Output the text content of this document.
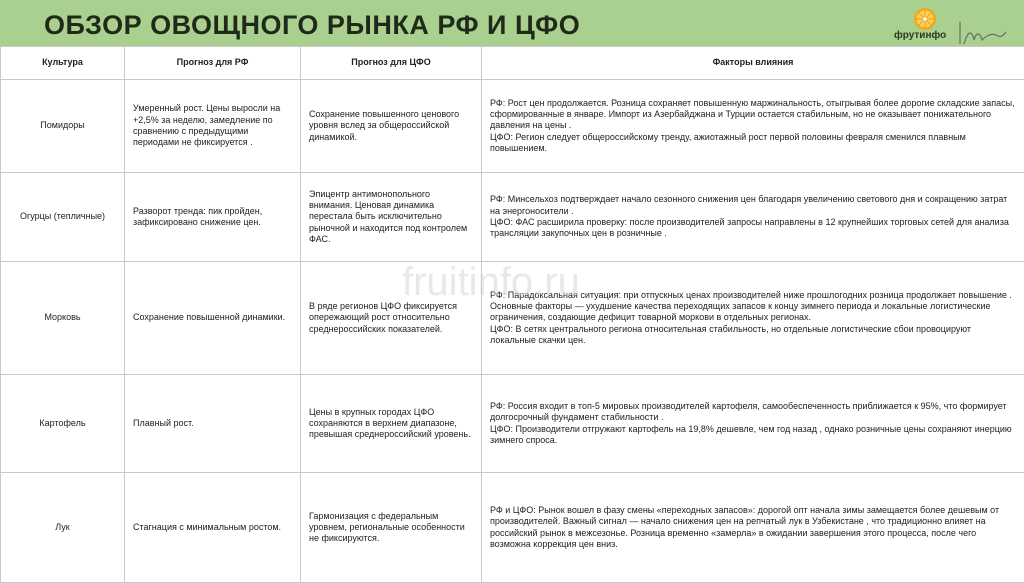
ОБЗОР ОВОЩНОГО РЫНКА РФ И ЦФО	фрутинфо
Культура	Прогноз для РФ	Прогноз для ЦФО	Факторы влияния
Помидоры	Умеренный рост. Цены выросли на +2,5% за неделю, замедление по сравнению с предыдущими периодами не фиксируется .	Сохранение повышенного ценового уровня вслед за общероссийской динамикой.	РФ: Рост цен продолжается. Розница сохраняет повышенную маржинальность, отыгрывая более дорогие складские запасы, сформированные в январе. Импорт из Азербайджана и Турции остается стабильным, но не оказывает понижательного давления на цены .
ЦФО: Регион следует общероссийскому тренду, ажиотажный рост первой половины февраля сменился плавным повышением.

Огурцы (тепличные)	Разворот тренда: пик пройден, зафиксировано снижение цен.	Эпицентр антимонопольного внимания. Ценовая динамика перестала быть исключительно рыночной и находится под контролем ФАС.	РФ: Минсельхоз подтверждает начало сезонного снижения цен благодаря увеличению светового дня и сокращению затрат на энергоносители .
ЦФО: ФАС расширила проверку: после производителей запросы направлены в 12 крупнейших торговых сетей для анализа трансляции закупочных цен в розничные .

Морковь	Сохранение повышенной динамики.	В ряде регионов ЦФО фиксируется опережающий рост относительно среднероссийских показателей.	РФ: Парадоксальная ситуация: при отпускных ценах производителей ниже прошлогодних розница продолжает повышение . Основные факторы — ухудшение качества переходящих запасов к концу зимнего периода и локальные логистические ограничения, создающие дефицит товарной моркови в отдельных регионах.
ЦФО: В сетях центрального региона относительная стабильность, но отдельные логистические сбои провоцируют локальные скачки цен.

Картофель	Плавный рост.	Цены в крупных городах ЦФО сохраняются в верхнем диапазоне, превышая среднероссийский уровень.	РФ: Россия входит в топ-5 мировых производителей картофеля, самообеспеченность приближается к 95%, что формирует долгосрочный фундамент стабильности .
ЦФО: Производители отгружают картофель на 19,8% дешевле, чем год назад , однако розничные цены сохраняют инерцию зимнего спроса.

Лук	Стагнация с минимальным ростом.	Гармонизация с федеральным уровнем, региональные особенности не фиксируются.	РФ и ЦФО: Рынок вошел в фазу смены «переходных запасов»: дорогой опт начала зимы замещается более дешевым от производителей. Важный сигнал — начало снижения цен на репчатый лук в Узбекистане , что традиционно влияет на российский рынок в межсезонье. Розница временно «замерла» в ожидании завершения этого процесса, после чего возможна коррекция цен вниз.
fruitinfo.ru
